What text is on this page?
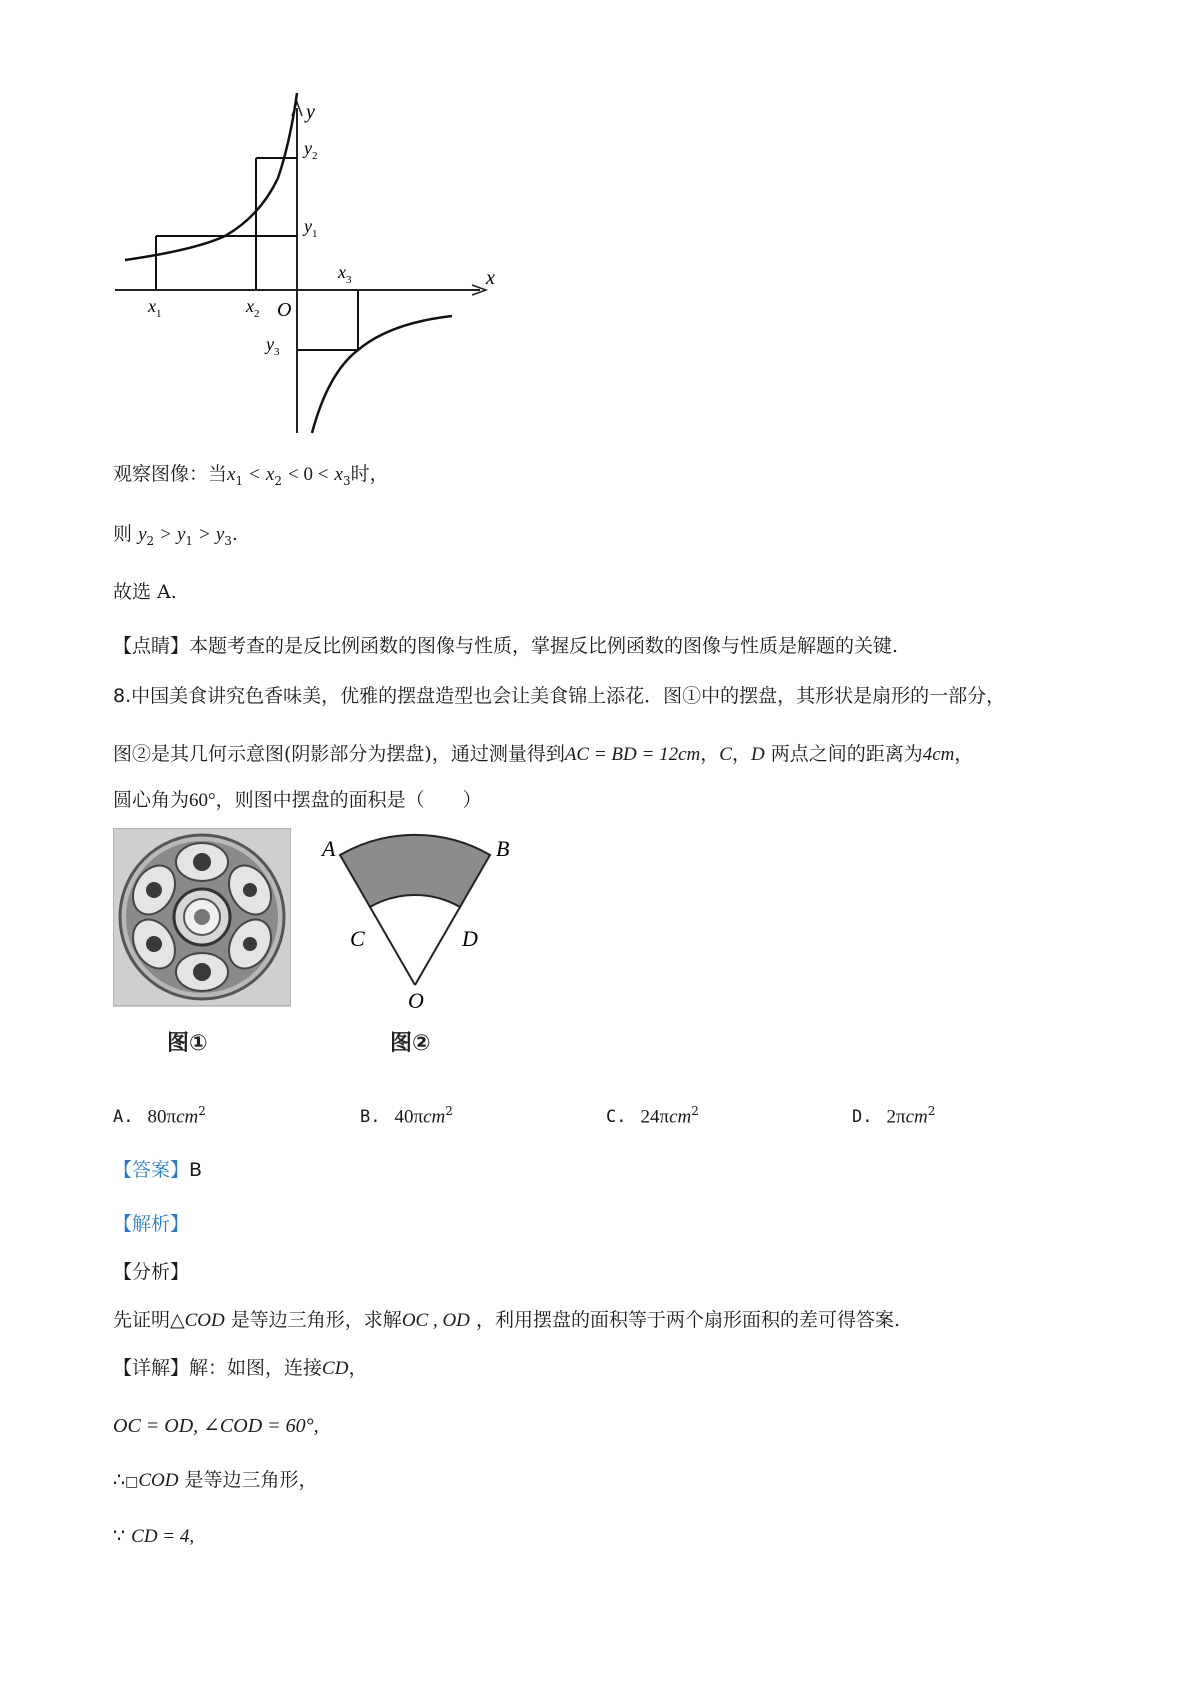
y
x
O
$x_1$	$x_2$
$x_3$
$y_1$
$y_2$
$y_3$
观察图像：当$x_1 < x_2 < 0 < x_3$时，
则 $y_2 > y_1 > y_3$.
故选 A.
【点睛】本题考查的是反比例函数的图像与性质，掌握反比例函数的图像与性质是解题的关键.
8.中国美食讲究色香味美，优雅的摆盘造型也会让美食锦上添花．图①中的摆盘，其形状是扇形的一部分，
图②是其几何示意图(阴影部分为摆盘)，通过测量得到AC = BD = 12cm，C，D 两点之间的距离为4cm，
圆心角为60°，则图中摆盘的面积是（　　）
图①
A	B
C	D
O
图②
A. 80πcm$^2$	B. 40πcm$^2$	C. 24πcm$^2$	D. 2πcm$^2$
【答案】B
【解析】
【分析】
先证明△COD 是等边三角形，求解OC , OD ，利用摆盘的面积等于两个扇形面积的差可得答案.
【详解】解：如图，连接CD，
OC = OD, ∠COD = 60°,
∴□COD 是等边三角形，
∵ CD = 4,
